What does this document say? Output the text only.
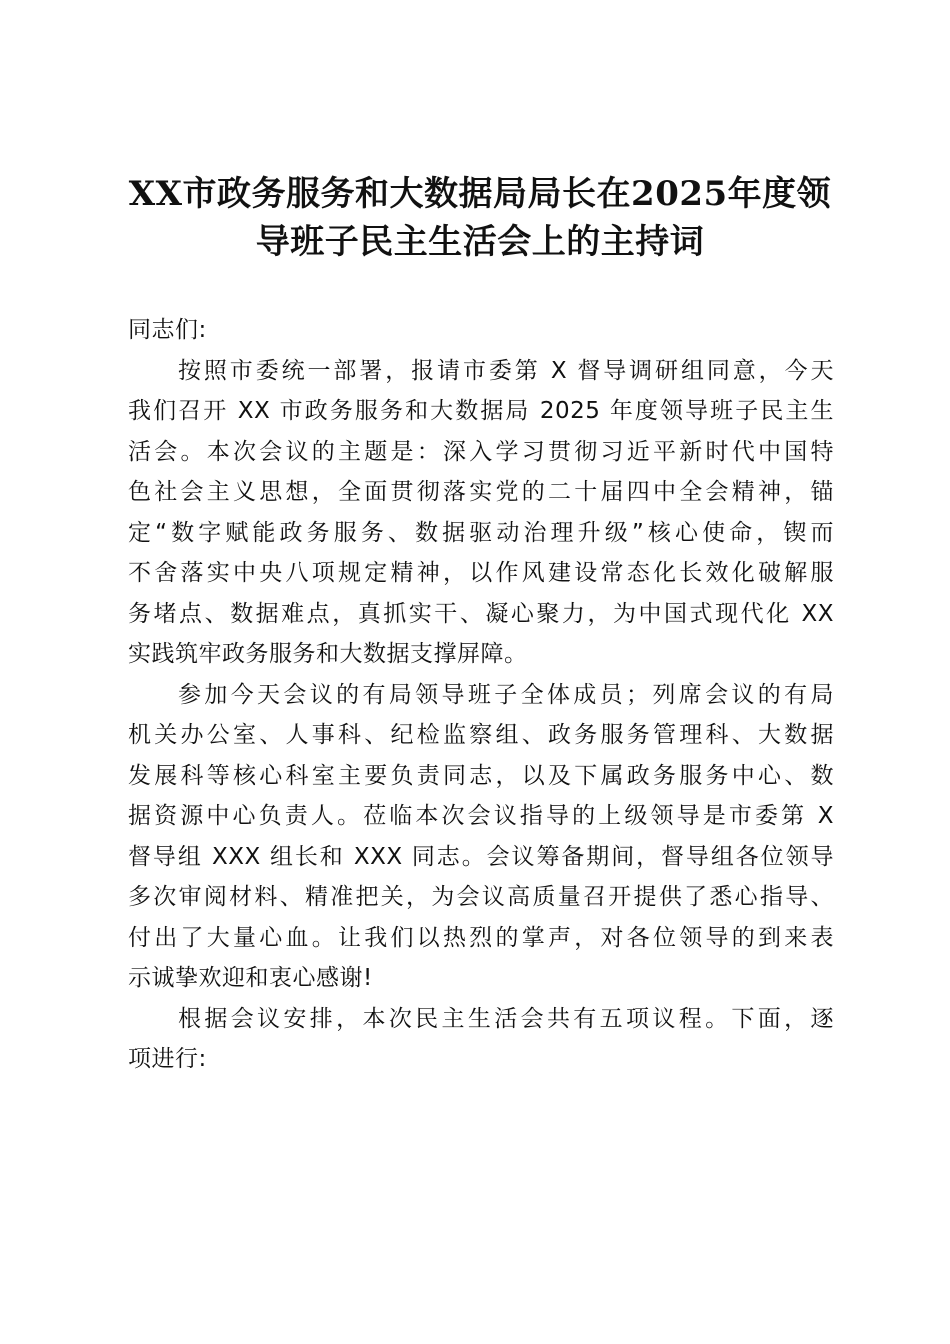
XX市政务服务和大数据局局长在2025年度领
导班子民主生活会上的主持词
同志们:
按照市委统一部署，报请市委第 X 督导调研组同意，今天
我们召开 XX 市政务服务和大数据局 2025 年度领导班子民主生
活会。本次会议的主题是：深入学习贯彻习近平新时代中国特
色社会主义思想，全面贯彻落实党的二十届四中全会精神，锚
定“数字赋能政务服务、数据驱动治理升级”核心使命，锲而
不舍落实中央八项规定精神，以作风建设常态化长效化破解服
务堵点、数据难点，真抓实干、凝心聚力，为中国式现代化 XX
实践筑牢政务服务和大数据支撑屏障。
参加今天会议的有局领导班子全体成员；列席会议的有局
机关办公室、人事科、纪检监察组、政务服务管理科、大数据
发展科等核心科室主要负责同志，以及下属政务服务中心、数
据资源中心负责人。莅临本次会议指导的上级领导是市委第 X
督导组 XXX 组长和 XXX 同志。会议筹备期间，督导组各位领导
多次审阅材料、精准把关，为会议高质量召开提供了悉心指导、
付出了大量心血。让我们以热烈的掌声，对各位领导的到来表
示诚挚欢迎和衷心感谢!
根据会议安排，本次民主生活会共有五项议程。下面，逐
项进行:
